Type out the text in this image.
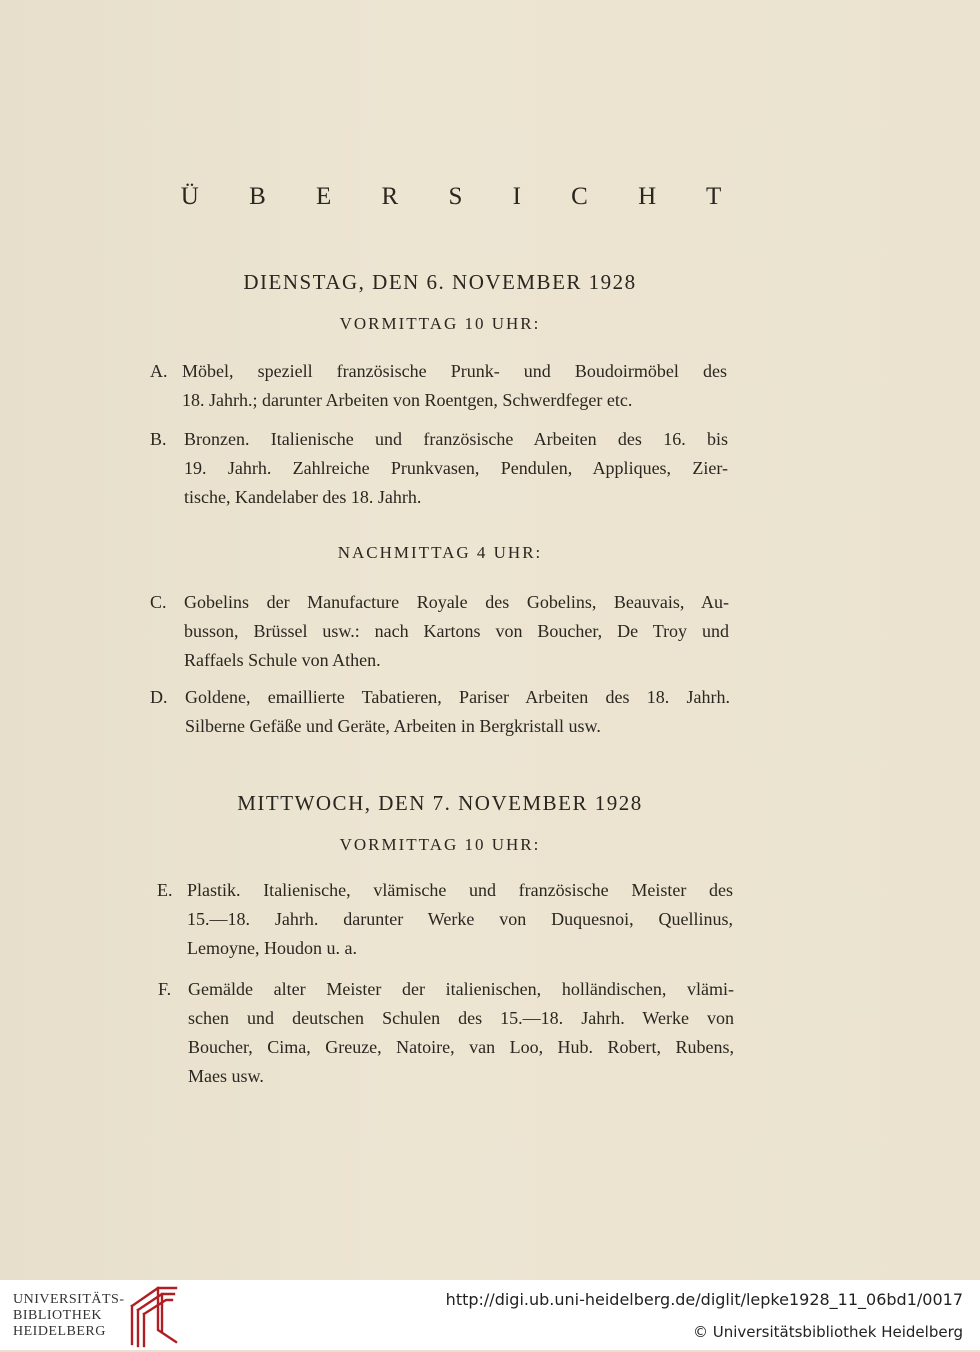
Ü B E R S I C H T
DIENSTAG, DEN 6. NOVEMBER 1928
VORMITTAG 10 UHR:
A. Möbel, speziell französische Prunk- und Boudoirmöbel des
18. Jahrh.; darunter Arbeiten von Roentgen, Schwerdfeger etc.
B. Bronzen. Italienische und französische Arbeiten des 16. bis
19. Jahrh. Zahlreiche Prunkvasen, Pendulen, Appliques, Zier-
tische, Kandelaber des 18. Jahrh.
NACHMITTAG 4 UHR:
C. Gobelins der Manufacture Royale des Gobelins, Beauvais, Au-
busson, Brüssel usw.: nach Kartons von Boucher, De Troy und
Raffaels Schule von Athen.
D. Goldene, emaillierte Tabatieren, Pariser Arbeiten des 18. Jahrh.
Silberne Gefäße und Geräte, Arbeiten in Bergkristall usw.
MITTWOCH, DEN 7. NOVEMBER 1928
VORMITTAG 10 UHR:
E. Plastik. Italienische, vlämische und französische Meister des
15.—18. Jahrh. darunter Werke von Duquesnoi, Quellinus,
Lemoyne, Houdon u. a.
F. Gemälde alter Meister der italienischen, holländischen, vlämi-
schen und deutschen Schulen des 15.—18. Jahrh. Werke von
Boucher, Cima, Greuze, Natoire, van Loo, Hub. Robert, Rubens,
Maes usw.
UNIVERSITÄTS-
BIBLIOTHEK
HEIDELBERG
http://digi.ub.uni-heidelberg.de/diglit/lepke1928_11_06bd1/0017
© Universitätsbibliothek Heidelberg
